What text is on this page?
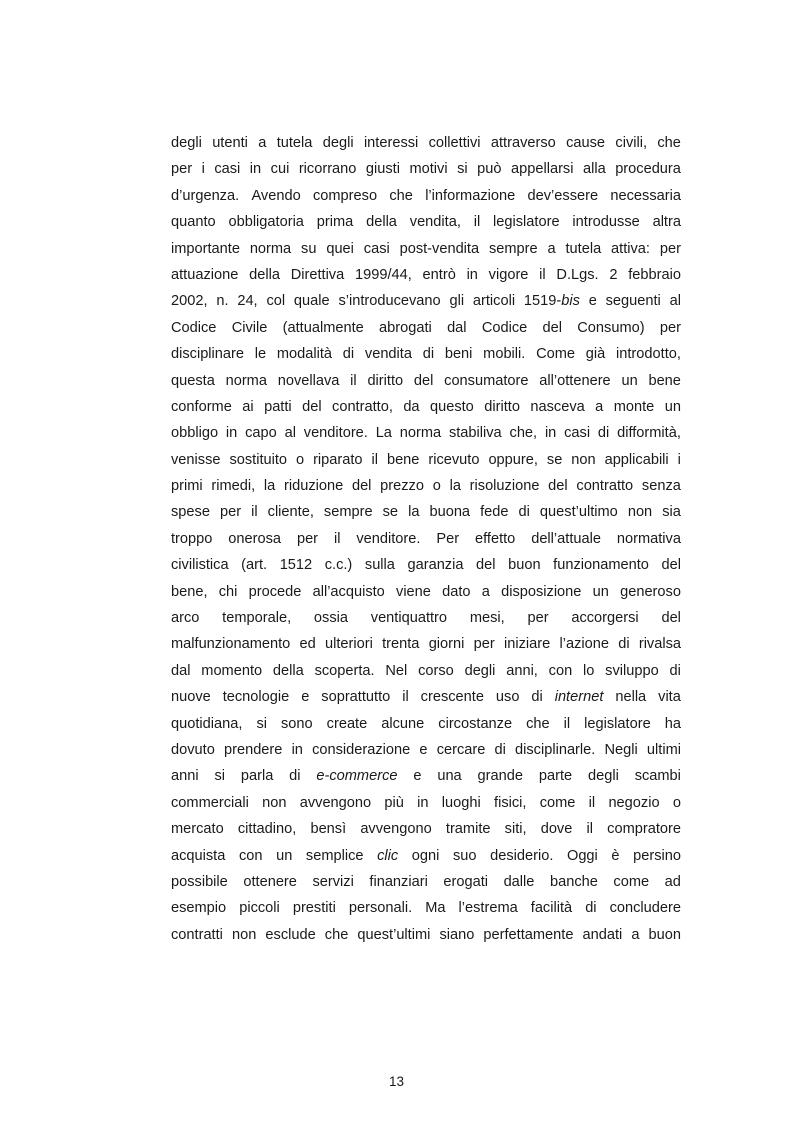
degli utenti a tutela degli interessi collettivi attraverso cause civili, che
per i casi in cui ricorrano giusti motivi si può appellarsi alla procedura
d’urgenza. Avendo compreso che l’informazione dev’essere necessaria
quanto obbligatoria prima della vendita, il legislatore introdusse altra
importante norma su quei casi post-vendita sempre a tutela attiva: per
attuazione della Direttiva 1999/44, entrò in vigore il D.Lgs. 2 febbraio
2002, n. 24, col quale s’introducevano gli articoli 1519-bis e seguenti al
Codice Civile (attualmente abrogati dal Codice del Consumo) per
disciplinare le modalità di vendita di beni mobili. Come già introdotto,
questa norma novellava il diritto del consumatore all’ottenere un bene
conforme ai patti del contratto, da questo diritto nasceva a monte un
obbligo in capo al venditore. La norma stabiliva che, in casi di difformità,
venisse sostituito o riparato il bene ricevuto oppure, se non applicabili i
primi rimedi, la riduzione del prezzo o la risoluzione del contratto senza
spese per il cliente, sempre se la buona fede di quest’ultimo non sia
troppo onerosa per il venditore. Per effetto dell’attuale normativa
civilistica (art. 1512 c.c.) sulla garanzia del buon funzionamento del
bene, chi procede all’acquisto viene dato a disposizione un generoso
arco temporale, ossia ventiquattro mesi, per accorgersi del
malfunzionamento ed ulteriori trenta giorni per iniziare l’azione di rivalsa
dal momento della scoperta. Nel corso degli anni, con lo sviluppo di
nuove tecnologie e soprattutto il crescente uso di internet nella vita
quotidiana, si sono create alcune circostanze che il legislatore ha
dovuto prendere in considerazione e cercare di disciplinarle. Negli ultimi
anni si parla di e-commerce e una grande parte degli scambi
commerciali non avvengono più in luoghi fisici, come il negozio o
mercato cittadino, bensì avvengono tramite siti, dove il compratore
acquista con un semplice clic ogni suo desiderio. Oggi è persino
possibile ottenere servizi finanziari erogati dalle banche come ad
esempio piccoli prestiti personali. Ma l’estrema facilità di concludere
contratti non esclude che quest’ultimi siano perfettamente andati a buon
13
